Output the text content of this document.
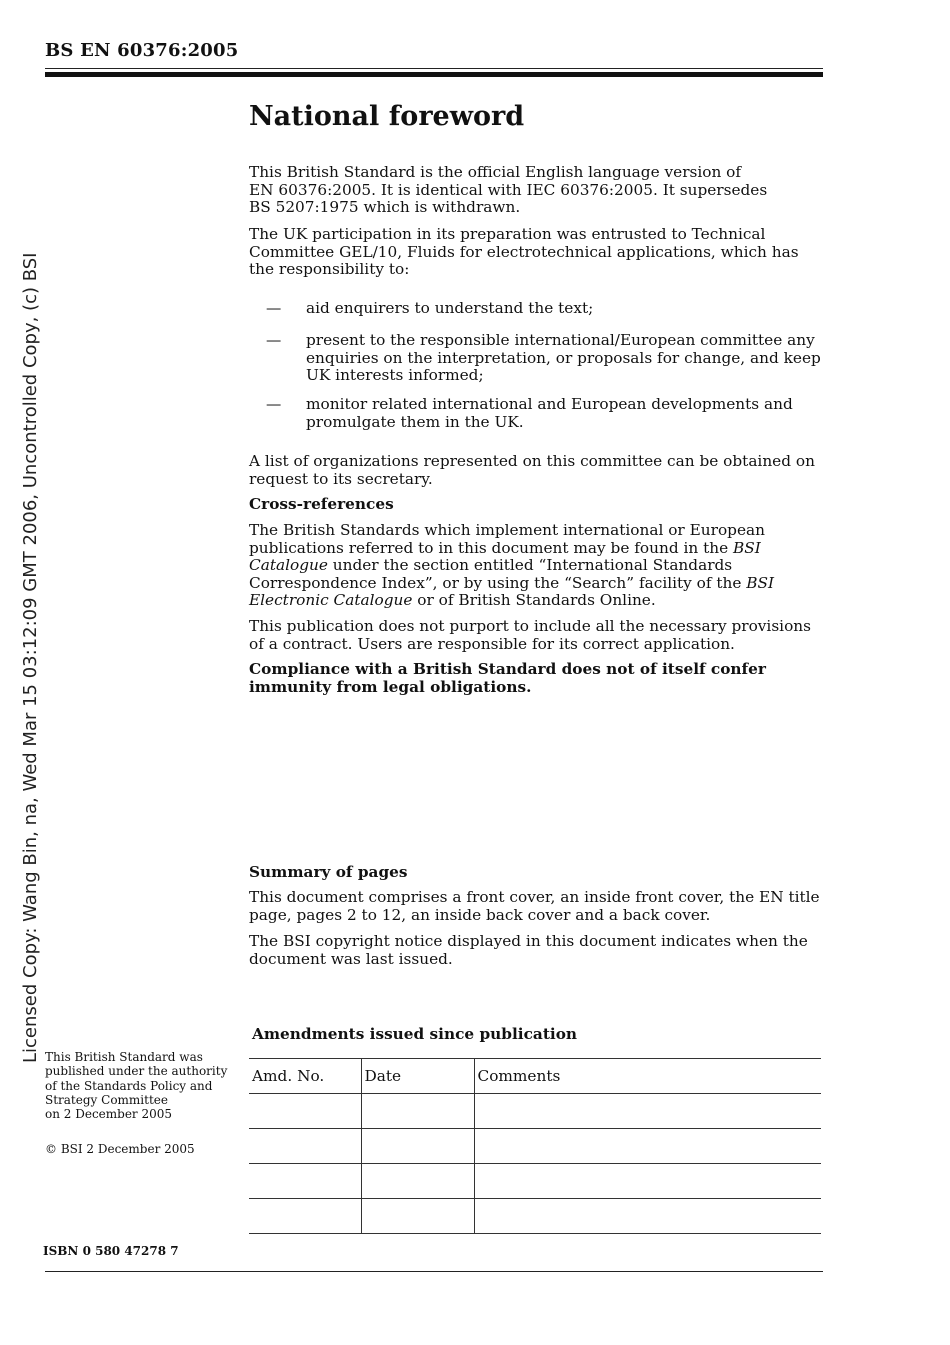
BS EN 60376:2005
National foreword
This British Standard is the official English language version of
EN 60376:2005. It is identical with IEC 60376:2005. It supersedes
BS 5207:1975 which is withdrawn.
The UK participation in its preparation was entrusted to Technical Committee GEL/10, Fluids for electrotechnical applications, which has the responsibility to:
— aid enquirers to understand the text;
— present to the responsible international/European committee any enquiries on the interpretation, or proposals for change, and keep UK interests informed;
— monitor related international and European developments and promulgate them in the UK.
A list of organizations represented on this committee can be obtained on request to its secretary.
Cross-references
The British Standards which implement international or European publications referred to in this document may be found in the BSI Catalogue under the section entitled “International Standards Correspondence Index”, or by using the “Search” facility of the BSI Electronic Catalogue or of British Standards Online.
This publication does not purport to include all the necessary provisions of a contract. Users are responsible for its correct application.
Compliance with a British Standard does not of itself confer immunity from legal obligations.
Summary of pages
This document comprises a front cover, an inside front cover, the EN title page, pages 2 to 12, an inside back cover and a back cover.
The BSI copyright notice displayed in this document indicates when the document was last issued.
Amendments issued since publication
Amd. No.	Date	Comments

This British Standard was
published under the authority
of the Standards Policy and
Strategy Committee
on 2 December 2005
© BSI 2 December 2005
ISBN 0 580 47278 7
Licensed Copy: Wang Bin, na, Wed Mar 15 03:12:09 GMT 2006, Uncontrolled Copy, (c) BSI
